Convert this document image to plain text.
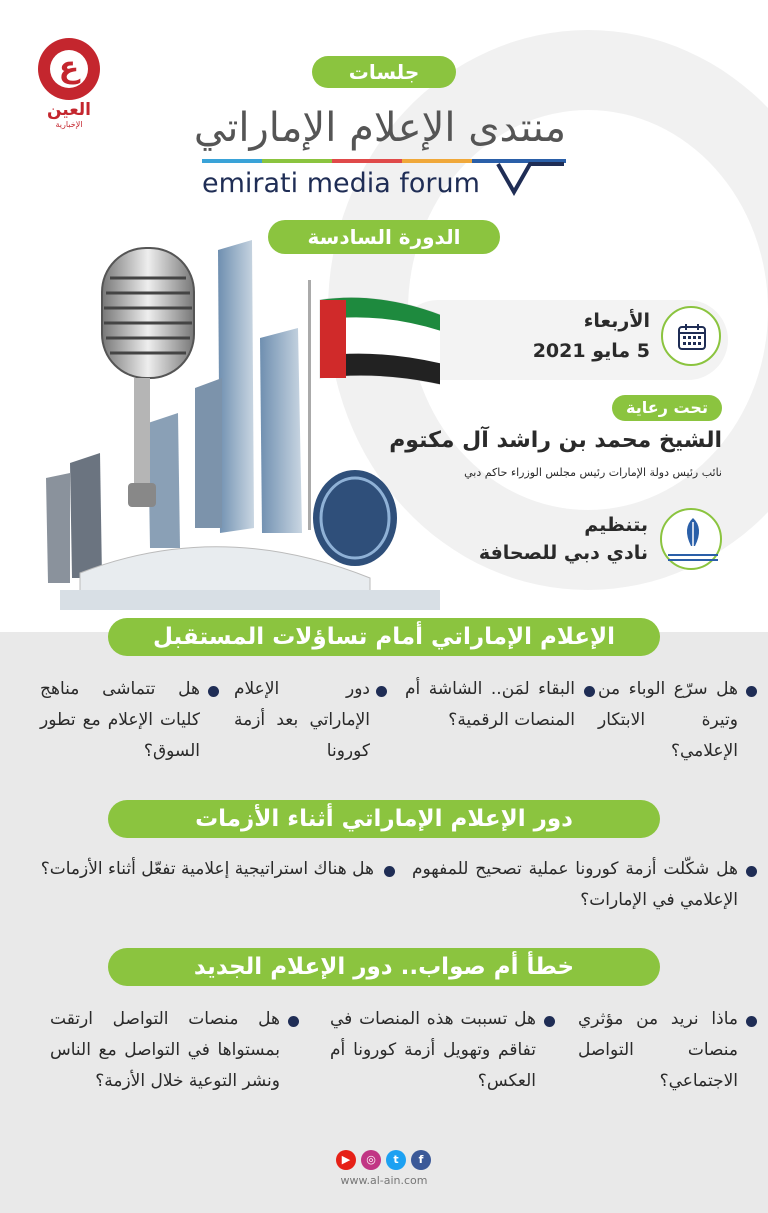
ع
العين
الإخبارية
جلسات
منتدى الإعلام الإماراتي
emirati media forum
الدورة السادسة
الأربعاء
5 مايو 2021
تحت رعاية
الشيخ محمد بن راشد آل مكتوم
نائب رئيس دولة الإمارات رئيس مجلس الوزراء حاكم دبي
بتنظيم
نادي دبي للصحافة
الإعلام الإماراتي أمام تساؤلات المستقبل
هل سرّع الوباء من وتيرة الابتكار الإعلامي؟
البقاء لمَن.. الشاشة أم المنصات الرقمية؟
دور الإعلام الإماراتي بعد أزمة كورونا
هل تتماشى مناهج كليات الإعلام مع تطور السوق؟
دور الإعلام الإماراتي أثناء الأزمات
هل شكّلت أزمة كورونا عملية تصحيح للمفهوم الإعلامي في الإمارات؟
هل هناك استراتيجية إعلامية تفعّل أثناء الأزمات؟
خطأ أم صواب.. دور الإعلام الجديد
ماذا نريد من مؤثري منصات التواصل الاجتماعي؟
هل تسببت هذه المنصات في تفاقم وتهويل أزمة كورونا أم العكس؟
هل منصات التواصل ارتقت بمستواها في التواصل مع الناس ونشر التوعية خلال الأزمة؟
▶	◎	t	f
www.al-ain.com
